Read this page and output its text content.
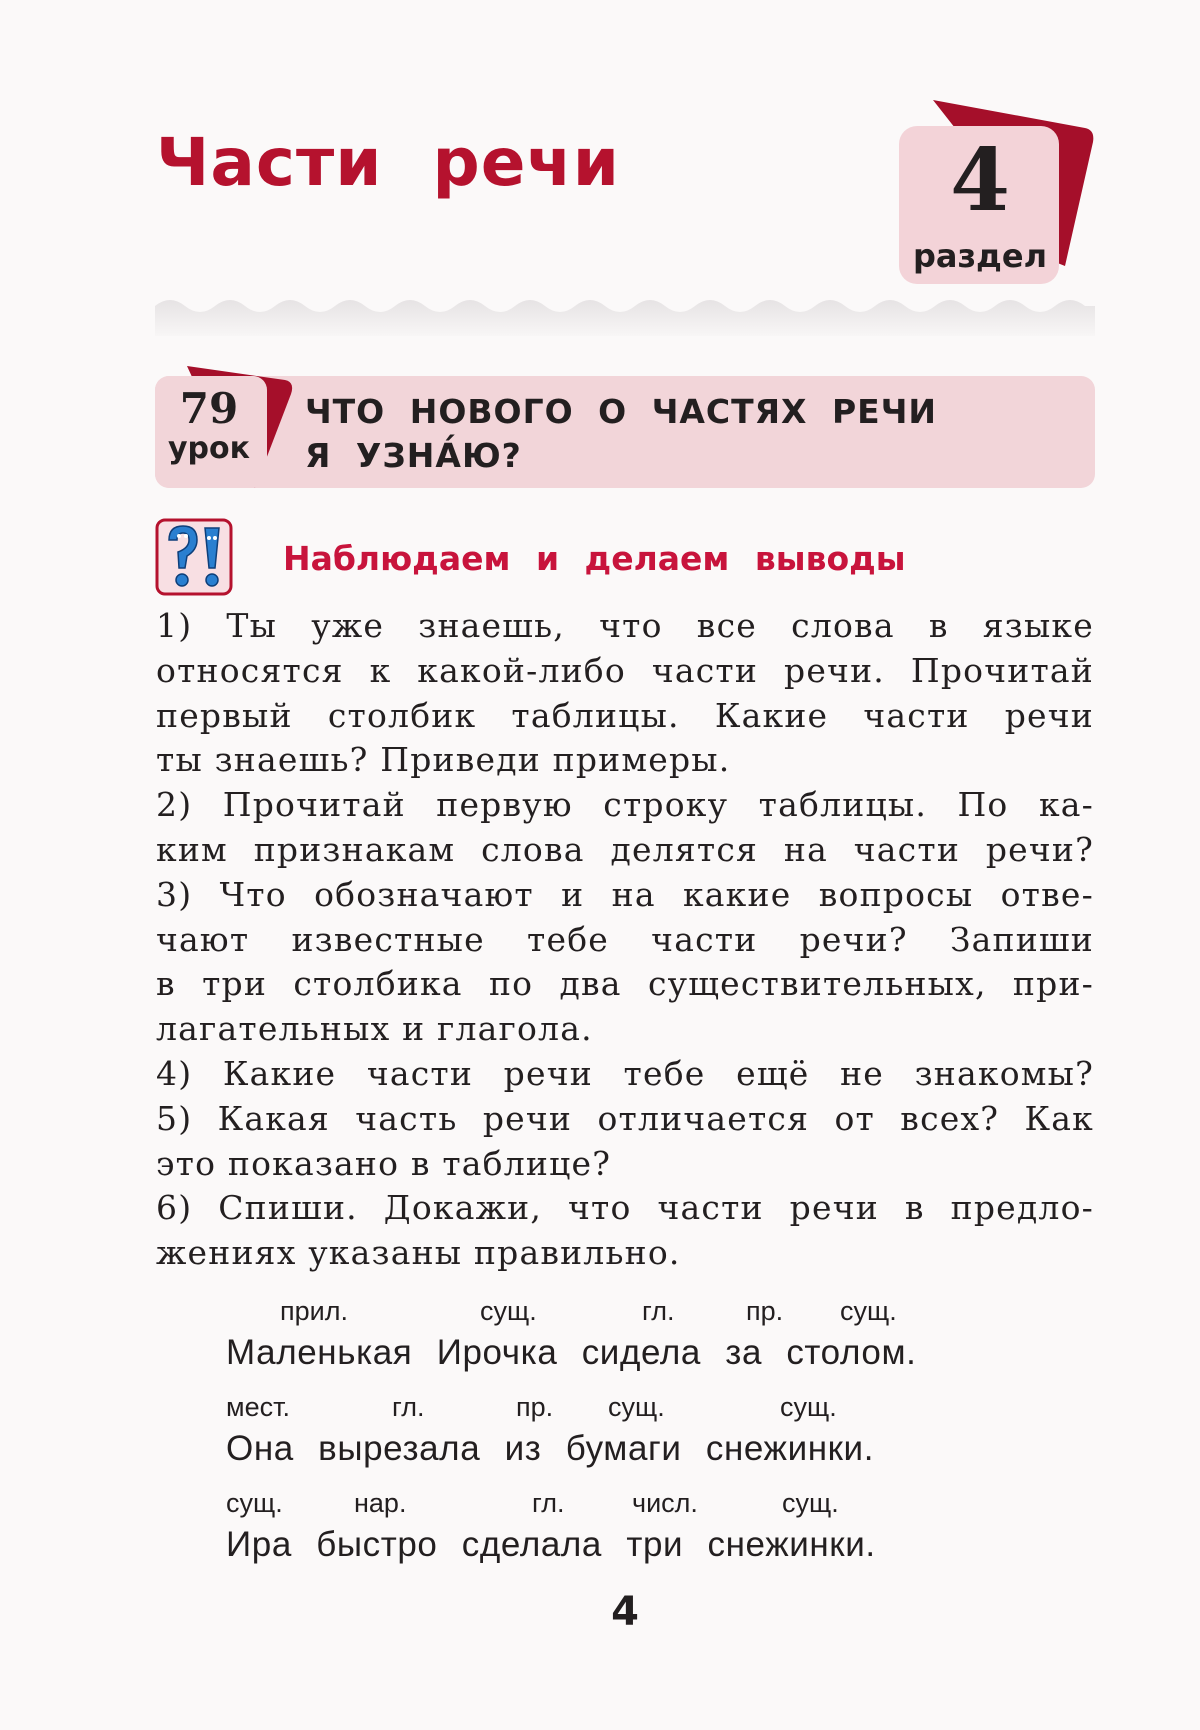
Части речи	4
раздел
79
урок
ЧТО НОВОГО О ЧАСТЯХ РЕЧИ
Я УЗНА́Ю?
Наблюдаем и делаем выводы
1) Ты уже знаешь, что все слова в языке
относятся к какой-либо части речи. Прочитай
первый столбик таблицы. Какие части речи
ты знаешь? Приведи примеры.
2) Прочитай первую строку таблицы. По ка-
ким признакам слова делятся на части речи?
3) Что обозначают и на какие вопросы отве-
чают известные тебе части речи? Запиши
в три столбика по два существительных, при-
лагательных и глагола.
4) Какие части речи тебе ещё не знакомы?
5) Какая часть речи отличается от всех? Как
это показано в таблице?
6) Спиши. Докажи, что части речи в предло-
жениях указаны правильно.
прил.	сущ.	гл.	пр. сущ.
Маленькая Ирочка сидела за столом.
мест.	гл.	пр. сущ.	сущ.
Она вырезала из бумаги снежинки.
сущ.	нар.	гл. числ.	сущ.
Ира быстро сделала три снежинки.
4
